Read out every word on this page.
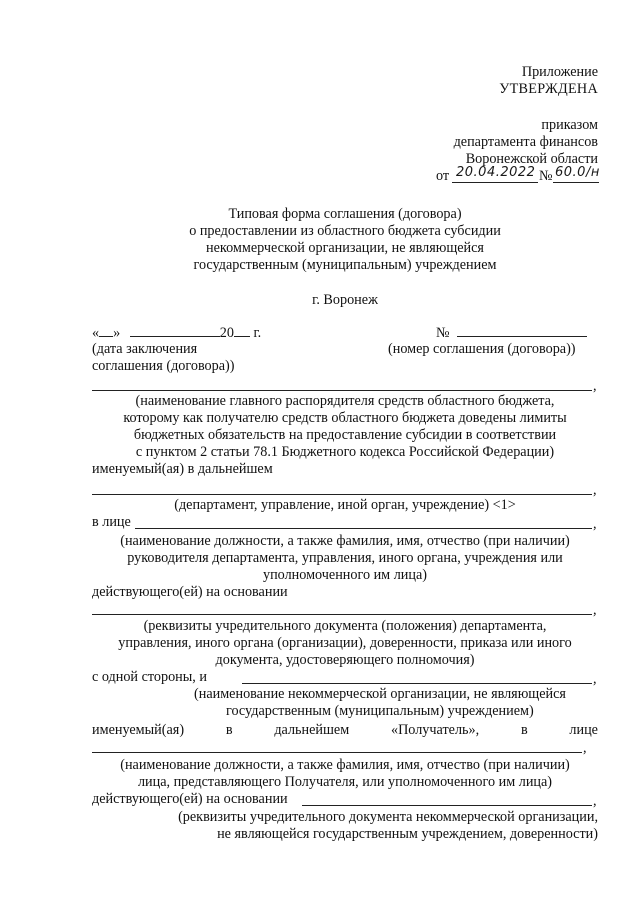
Приложение
УТВЕРЖДЕНА
приказом
департамента финансов
Воронежской области
от 20.04.2022 № 60.0/н
Типовая форма соглашения (договора)
о предоставлении из областного бюджета субсидии
некоммерческой организации, не являющейся
государственным (муниципальным) учреждением
г. Воронеж
« »	20 г.	№
(дата заключения
соглашения (договора))
(номер соглашения (договора))
,
(наименование главного распорядителя средств областного бюджета,
которому как получателю средств областного бюджета доведены лимиты
бюджетных обязательств на предоставление субсидии в соответствии
с пунктом 2 статьи 78.1 Бюджетного кодекса Российской Федерации)
именуемый(ая) в дальнейшем
,
(департамент, управление, иной орган, учреждение) <1>
в лице	,
(наименование должности, а также фамилия, имя, отчество (при наличии)
руководителя департамента, управления, иного органа, учреждения или
уполномоченного им лица)
действующего(ей) на основании
,
(реквизиты учредительного документа (положения) департамента,
управления, иного органа (организации), доверенности, приказа или иного
документа, удостоверяющего полномочия)
с одной стороны, и	,
(наименование некоммерческой организации, не являющейся
государственным (муниципальным) учреждением)
именуемый(ая)	в	дальнейшем	«Получатель»,	в	лице
,
(наименование должности, а также фамилия, имя, отчество (при наличии)
лица, представляющего Получателя, или уполномоченного им лица)
действующего(ей) на основании	,
(реквизиты учредительного документа некоммерческой организации,
не являющейся государственным учреждением, доверенности)
